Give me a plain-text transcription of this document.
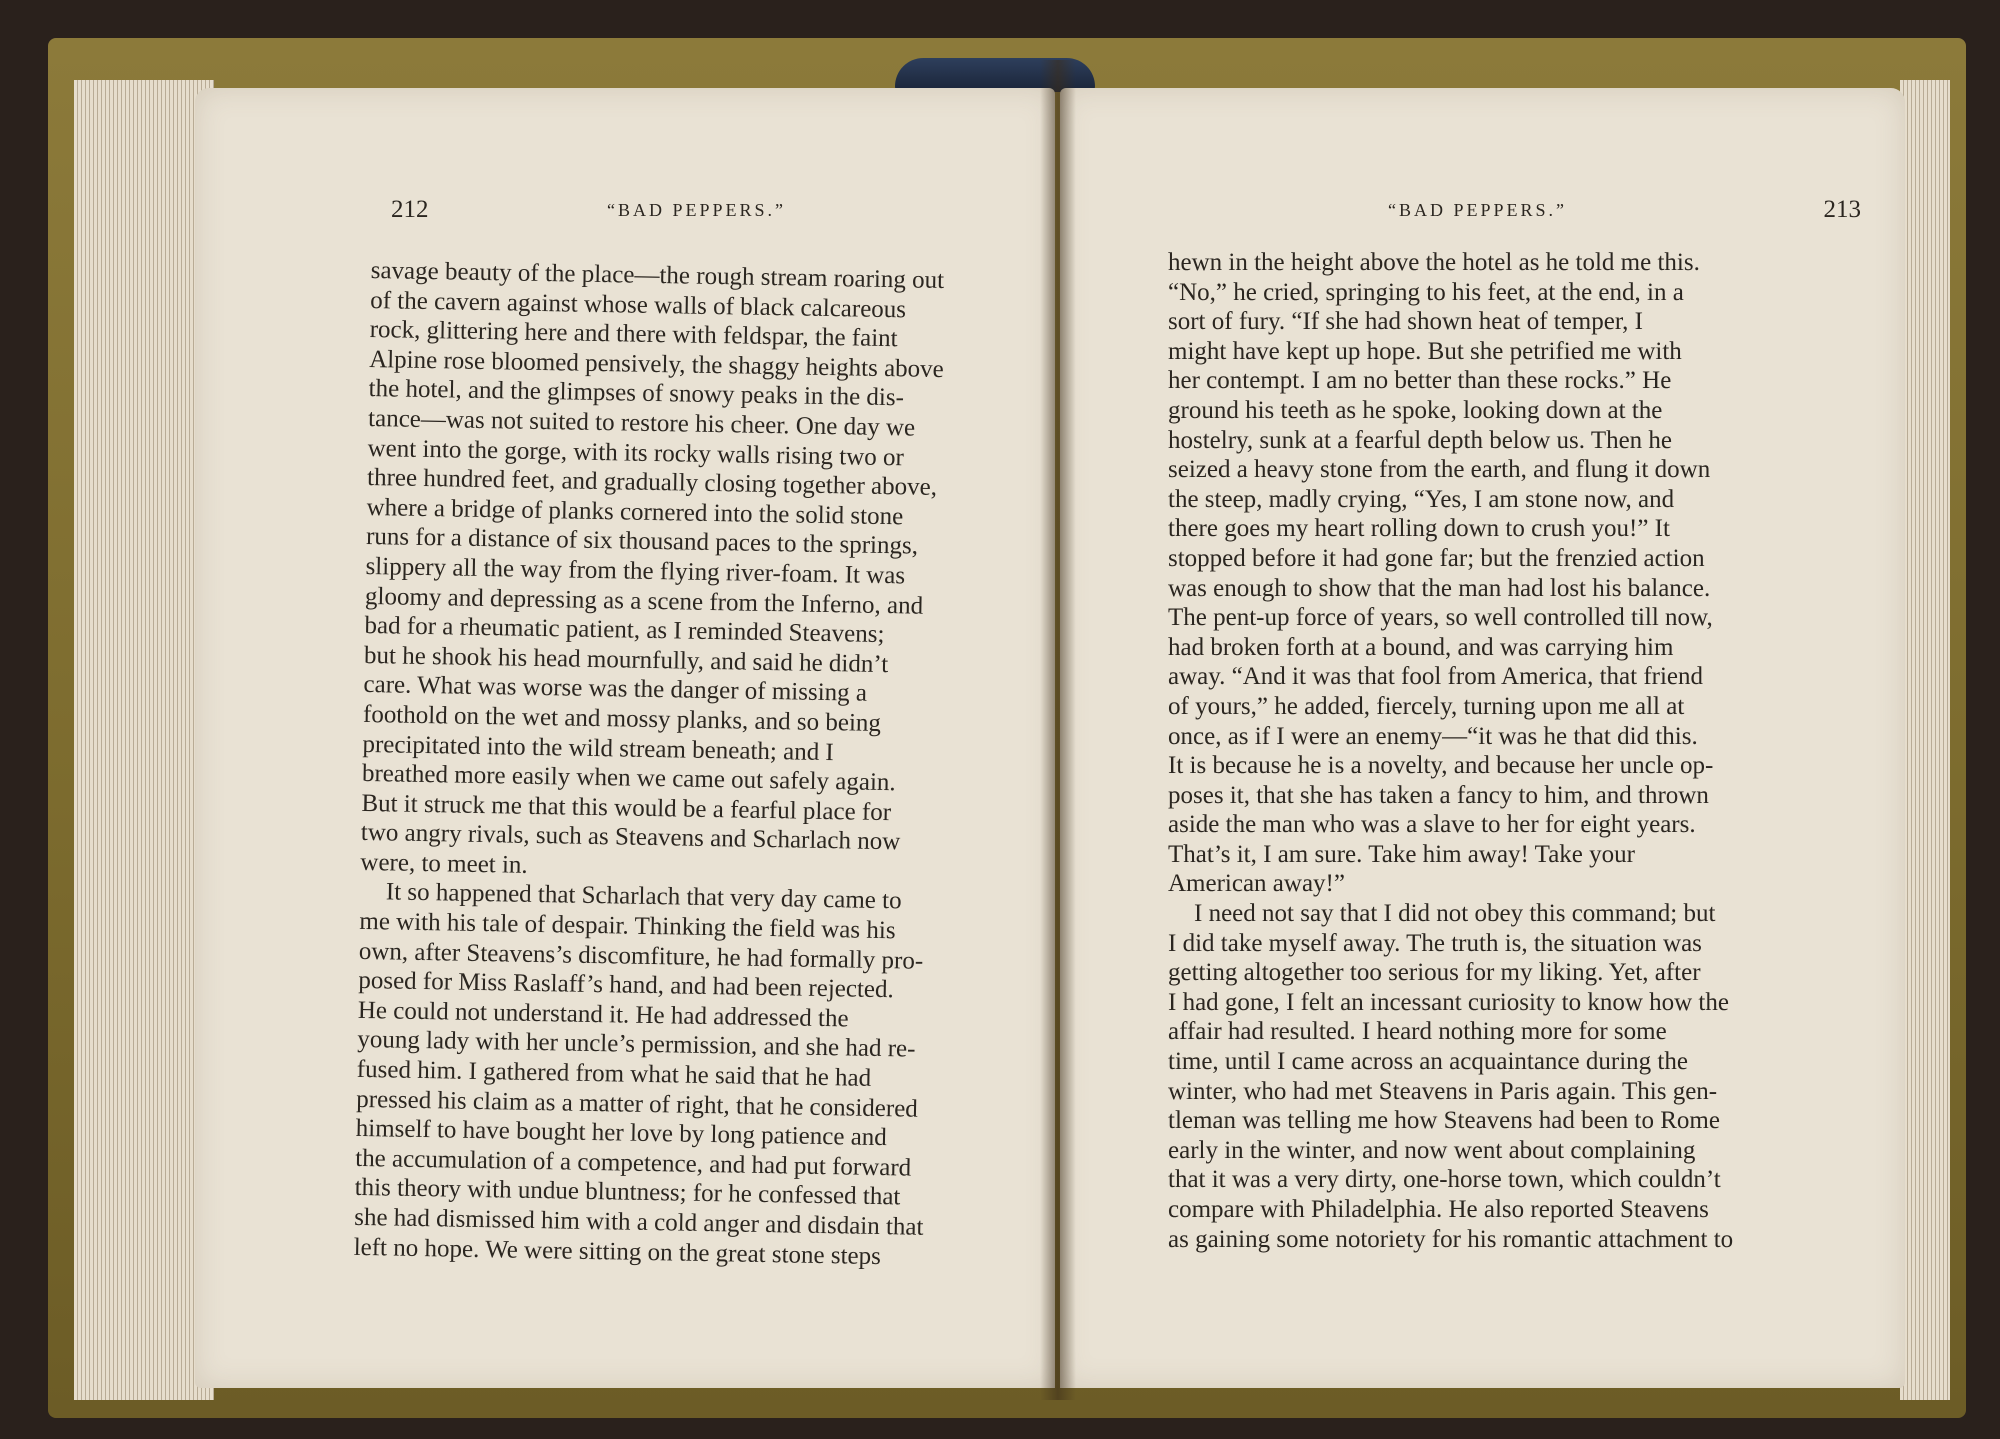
212	“BAD PEPPERS.”
savage beauty of the place—the rough stream roaring out
of the cavern against whose walls of black calcareous
rock, glittering here and there with feldspar, the faint
Alpine rose bloomed pensively, the shaggy heights above
the hotel, and the glimpses of snowy peaks in the dis-
tance—was not suited to restore his cheer. One day we
went into the gorge, with its rocky walls rising two or
three hundred feet, and gradually closing together above,
where a bridge of planks cornered into the solid stone
runs for a distance of six thousand paces to the springs,
slippery all the way from the flying river-foam. It was
gloomy and depressing as a scene from the Inferno, and
bad for a rheumatic patient, as I reminded Steavens;
but he shook his head mournfully, and said he didn’t
care. What was worse was the danger of missing a
foothold on the wet and mossy planks, and so being
precipitated into the wild stream beneath; and I
breathed more easily when we came out safely again.
But it struck me that this would be a fearful place for
two angry rivals, such as Steavens and Scharlach now
were, to meet in.
It so happened that Scharlach that very day came to
me with his tale of despair. Thinking the field was his
own, after Steavens’s discomfiture, he had formally pro-
posed for Miss Raslaff’s hand, and had been rejected.
He could not understand it. He had addressed the
young lady with her uncle’s permission, and she had re-
fused him. I gathered from what he said that he had
pressed his claim as a matter of right, that he considered
himself to have bought her love by long patience and
the accumulation of a competence, and had put forward
this theory with undue bluntness; for he confessed that
she had dismissed him with a cold anger and disdain that
left no hope. We were sitting on the great stone steps
213
“BAD PEPPERS.”
hewn in the height above the hotel as he told me this.
“No,” he cried, springing to his feet, at the end, in a
sort of fury. “If she had shown heat of temper, I
might have kept up hope. But she petrified me with
her contempt. I am no better than these rocks.” He
ground his teeth as he spoke, looking down at the
hostelry, sunk at a fearful depth below us. Then he
seized a heavy stone from the earth, and flung it down
the steep, madly crying, “Yes, I am stone now, and
there goes my heart rolling down to crush you!” It
stopped before it had gone far; but the frenzied action
was enough to show that the man had lost his balance.
The pent-up force of years, so well controlled till now,
had broken forth at a bound, and was carrying him
away. “And it was that fool from America, that friend
of yours,” he added, fiercely, turning upon me all at
once, as if I were an enemy—“it was he that did this.
It is because he is a novelty, and because her uncle op-
poses it, that she has taken a fancy to him, and thrown
aside the man who was a slave to her for eight years.
That’s it, I am sure. Take him away! Take your
American away!”
I need not say that I did not obey this command; but
I did take myself away. The truth is, the situation was
getting altogether too serious for my liking. Yet, after
I had gone, I felt an incessant curiosity to know how the
affair had resulted. I heard nothing more for some
time, until I came across an acquaintance during the
winter, who had met Steavens in Paris again. This gen-
tleman was telling me how Steavens had been to Rome
early in the winter, and now went about complaining
that it was a very dirty, one-horse town, which couldn’t
compare with Philadelphia. He also reported Steavens
as gaining some notoriety for his romantic attachment to
